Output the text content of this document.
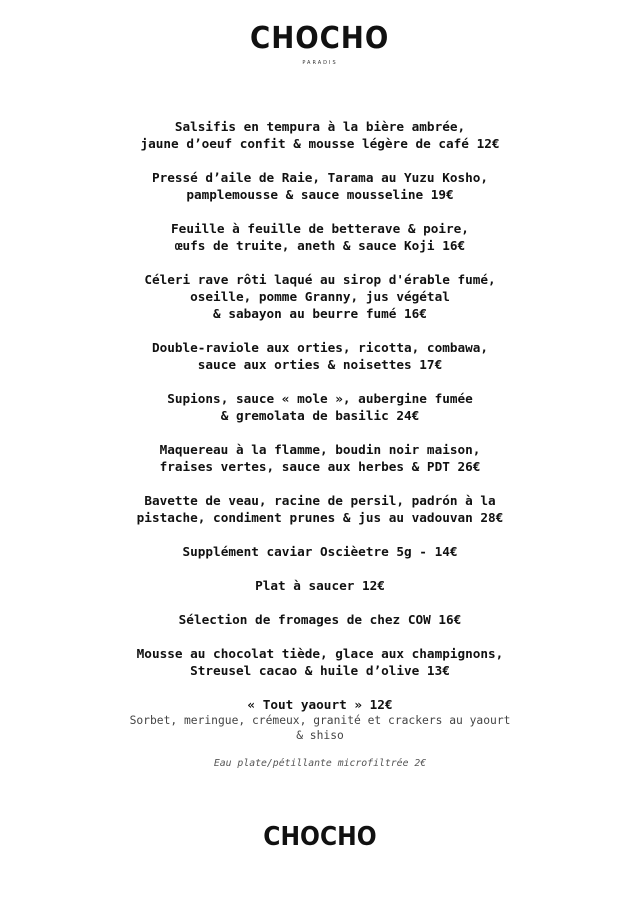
CHOCHO
PARADIS

Salsifis en tempura à la bière ambrée,
jaune d’oeuf confit & mousse légère de café 12€

Pressé d’aile de Raie, Tarama au Yuzu Kosho,
pamplemousse & sauce mousseline 19€

Feuille à feuille de betterave & poire,
œufs de truite, aneth & sauce Koji 16€

Céleri rave rôti laqué au sirop d'érable fumé,
oseille, pomme Granny, jus végétal
& sabayon au beurre fumé 16€

Double-raviole aux orties, ricotta, combawa,
sauce aux orties & noisettes 17€

Supions, sauce « mole », aubergine fumée
& gremolata de basilic 24€

Maquereau à la flamme, boudin noir maison,
fraises vertes, sauce aux herbes & PDT 26€

Bavette de veau, racine de persil, padrón à la
pistache, condiment prunes & jus au vadouvan 28€

Supplément caviar Oscièetre 5g - 14€

Plat à saucer 12€

Sélection de fromages de chez COW 16€

Mousse au chocolat tiède, glace aux champignons,
Streusel cacao & huile d’olive 13€

« Tout yaourt » 12€

Sorbet, meringue, crémeux, granité et crackers au yaourt
& shiso

Eau plate/pétillante microfiltrée 2€

CHOCHO
